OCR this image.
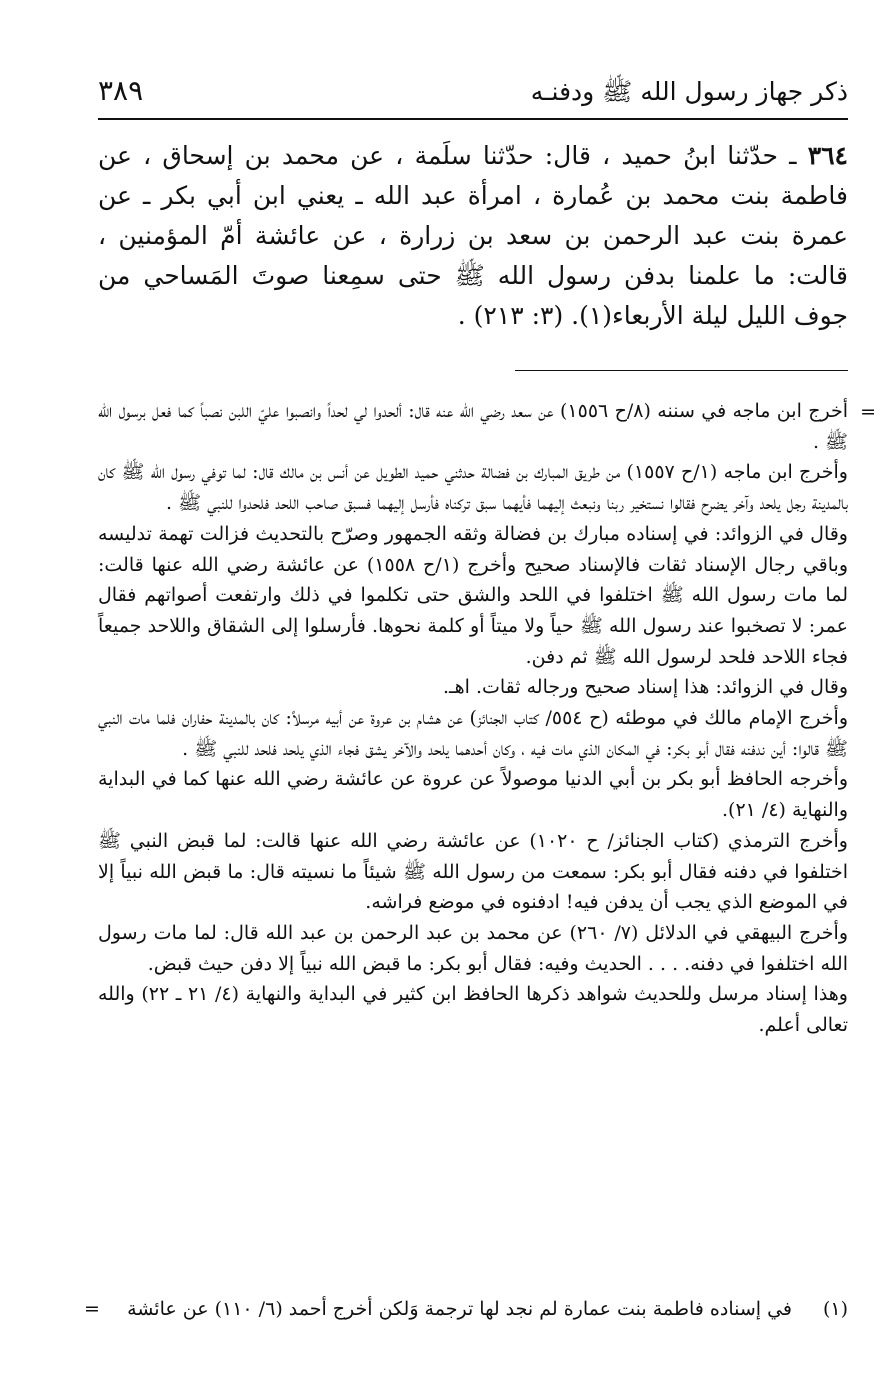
ذكر جهاز رسول الله ﷺ ودفنـه
٣٨٩

٣٦٤ ـ حدّثنا ابنُ حميد ، قال: حدّثنا سلَمة ، عن محمد بن إسحاق ، عن فاطمة بنت محمد بن عُمارة ، امرأة عبد الله ـ يعني ابن أبي بكر ـ عن عمرة بنت عبد الرحمن بن سعد بن زرارة ، عن عائشة أمّ المؤمنين ، قالت: ما علمنا بدفن رسول الله ﷺ حتى سمِعنا صوتَ المَساحي من جوف الليل ليلة الأربعاء(١). (٣: ٢١٣) .

=

أخرج ابن ماجه في سننه (٨/ح ١٥٥٦) عن سعد رضي الله عنه قال: ألحدوا لي لحداً وانصبوا عليّ اللبن نصباً كما فعل برسول الله ﷺ .

وأخرج ابن ماجه (١/ح ١٥٥٧) من طريق المبارك بن فضالة حدثني حميد الطويل عن أنس بن مالك قال: لما توفي رسول الله ﷺ كان بالمدينة رجل يلحد وآخر يضرح فقالوا نستخير ربنا ونبعث إليهما فأيهما سبق تركناه فأرسل إليهما فسبق صاحب اللحد فلحدوا للنبي ﷺ .

وقال في الزوائد: في إسناده مبارك بن فضالة وثقه الجمهور وصرّح بالتحديث فزالت تهمة تدليسه وباقي رجال الإسناد ثقات فالإسناد صحيح وأخرج (١/ح ١٥٥٨) عن عائشة رضي الله عنها قالت: لما مات رسول الله ﷺ اختلفوا في اللحد والشق حتى تكلموا في ذلك وارتفعت أصواتهم فقال عمر: لا تصخبوا عند رسول الله ﷺ حياً ولا ميتاً أو كلمة نحوها. فأرسلوا إلى الشقاق واللاحد جميعاً فجاء اللاحد فلحد لرسول الله ﷺ ثم دفن.

وقال في الزوائد: هذا إسناد صحيح ورجاله ثقات. اهـ.

وأخرج الإمام مالك في موطئه (ح ٥٥٤/ كتاب الجنائز) عن هشام بن عروة عن أبيه مرسلاً: كان بالمدينة حفاران فلما مات النبي ﷺ قالوا: أين ندفنه فقال أبو بكر: في المكان الذي مات فيه ، وكان أحدهما يلحد والآخر يشق فجاء الذي يلحد فلحد للنبي ﷺ .

وأخرجه الحافظ أبو بكر بن أبي الدنيا موصولاً عن عروة عن عائشة رضي الله عنها كما في البداية والنهاية (٤/ ٢١).

وأخرج الترمذي (كتاب الجنائز/ ح ١٠٢٠) عن عائشة رضي الله عنها قالت: لما قبض النبي ﷺ اختلفوا في دفنه فقال أبو بكر: سمعت من رسول الله ﷺ شيئاً ما نسيته قال: ما قبض الله نبياً إلا في الموضع الذي يجب أن يدفن فيه! ادفنوه في موضع فراشه.

وأخرج البيهقي في الدلائل (٧/ ٢٦٠) عن محمد بن عبد الرحمن بن عبد الله قال: لما مات رسول الله اختلفوا في دفنه. . . . الحديث وفيه: فقال أبو بكر: ما قبض الله نبياً إلا دفن حيث قبض.

وهذا إسناد مرسل وللحديث شواهد ذكرها الحافظ ابن كثير في البداية والنهاية (٤/ ٢١ ـ ٢٢) والله تعالى أعلم.

(١)
في إسناده فاطمة بنت عمارة لم نجد لها ترجمة وَلكن أخرج أحمد (٦/ ١١٠) عن عائشة
=
